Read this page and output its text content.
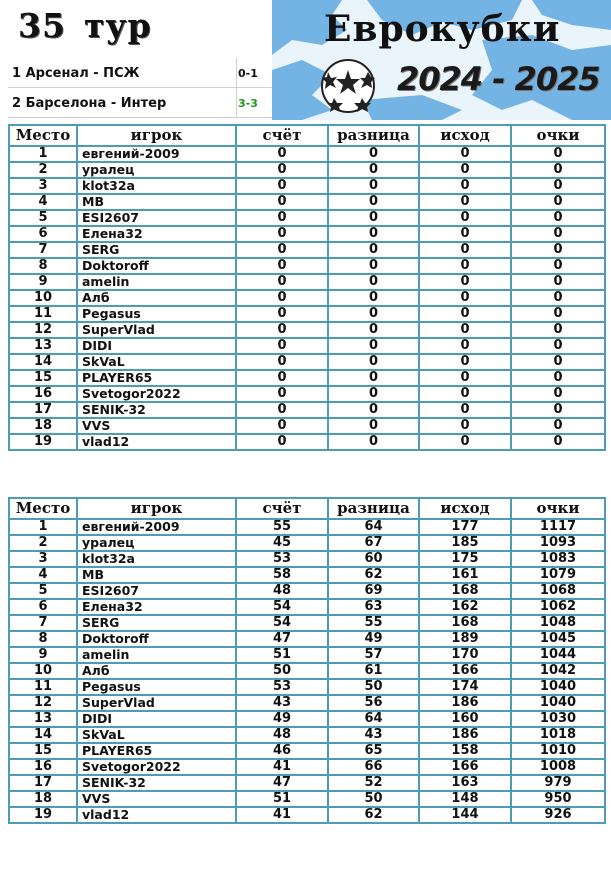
35 тур
1 Арсенал - ПСЖ	0-1
2 Барселона - Интер	3-3
Еврокубки
2024 - 2025
Место	игрок	счёт	разница	исход	очки
1	евгений-2009	0	0	0	0
2	уралец	0	0	0	0
3	klot32a	0	0	0	0
4	MB	0	0	0	0
5	ESI2607	0	0	0	0
6	Елена32	0	0	0	0
7	SERG	0	0	0	0
8	Doktoroff	0	0	0	0
9	amelin	0	0	0	0
10	Алб	0	0	0	0
11	Pegasus	0	0	0	0
12	SuperVlad	0	0	0	0
13	DIDI	0	0	0	0
14	SkVaL	0	0	0	0
15	PLAYER65	0	0	0	0
16	Svetogor2022	0	0	0	0
17	SENIK-32	0	0	0	0
18	VVS	0	0	0	0
19	vlad12	0	0	0	0
Место	игрок	счёт	разница	исход	очки
1	евгений-2009	55	64	177	1117
2	уралец	45	67	185	1093
3	klot32a	53	60	175	1083
4	MB	58	62	161	1079
5	ESI2607	48	69	168	1068
6	Елена32	54	63	162	1062
7	SERG	54	55	168	1048
8	Doktoroff	47	49	189	1045
9	amelin	51	57	170	1044
10	Алб	50	61	166	1042
11	Pegasus	53	50	174	1040
12	SuperVlad	43	56	186	1040
13	DIDI	49	64	160	1030
14	SkVaL	48	43	186	1018
15	PLAYER65	46	65	158	1010
16	Svetogor2022	41	66	166	1008
17	SENIK-32	47	52	163	979
18	VVS	51	50	148	950
19	vlad12	41	62	144	926
